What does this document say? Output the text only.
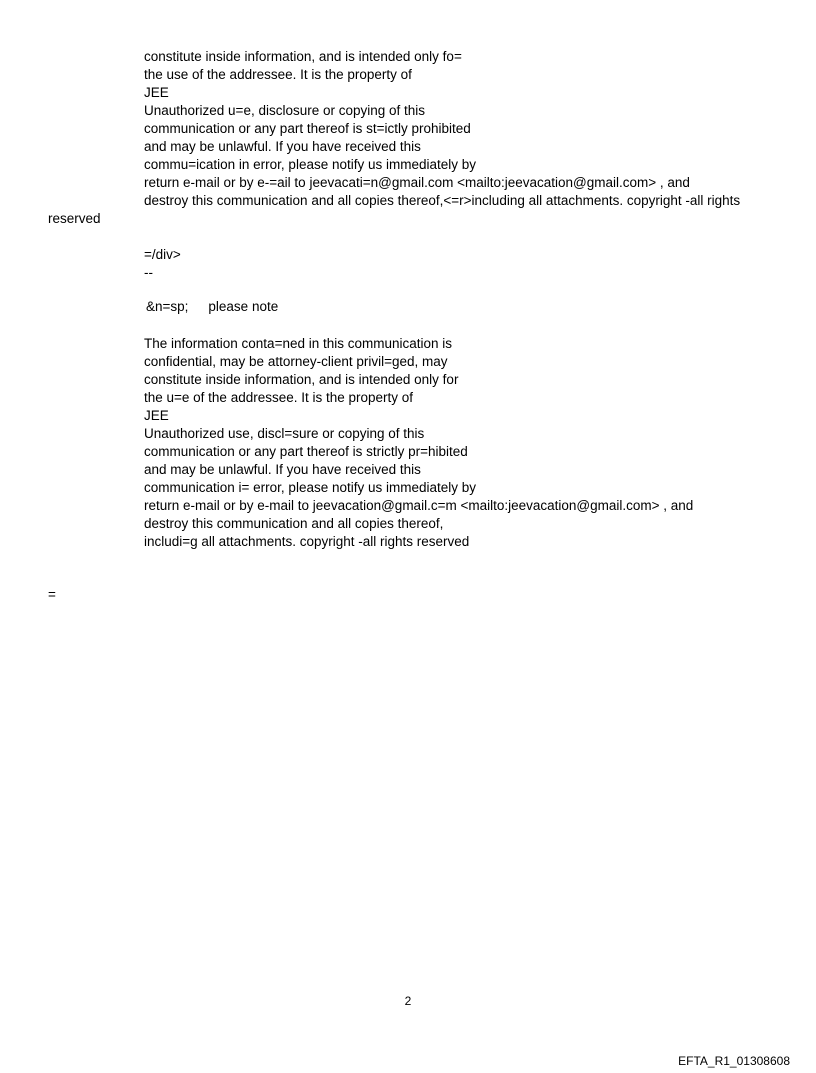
constitute inside information, and is intended only fo=
the use of the addressee. It is the property of
JEE
Unauthorized u=e, disclosure or copying of this
communication or any part thereof is st=ictly prohibited
and may be unlawful. If you have received this
commu=ication in error, please notify us immediately by
return e-mail or by e-=ail to jeevacati=n@gmail.com <mailto:jeevacation@gmail.com> , and
destroy this communication and all copies thereof,<=r>including all attachments. copyright -all rights
reserved
=/div>
--
&n=sp; please note
The information conta=ned in this communication is
confidential, may be attorney-client privil=ged, may
constitute inside information, and is intended only for
the u=e of the addressee. It is the property of
JEE
Unauthorized use, discl=sure or copying of this
communication or any part thereof is strictly pr=hibited
and may be unlawful. If you have received this
communication i= error, please notify us immediately by
return e-mail or by e-mail to jeevacation@gmail.c=m <mailto:jeevacation@gmail.com> , and
destroy this communication and all copies thereof,
includi=g all attachments. copyright -all rights reserved
=
2
EFTA_R1_01308608
